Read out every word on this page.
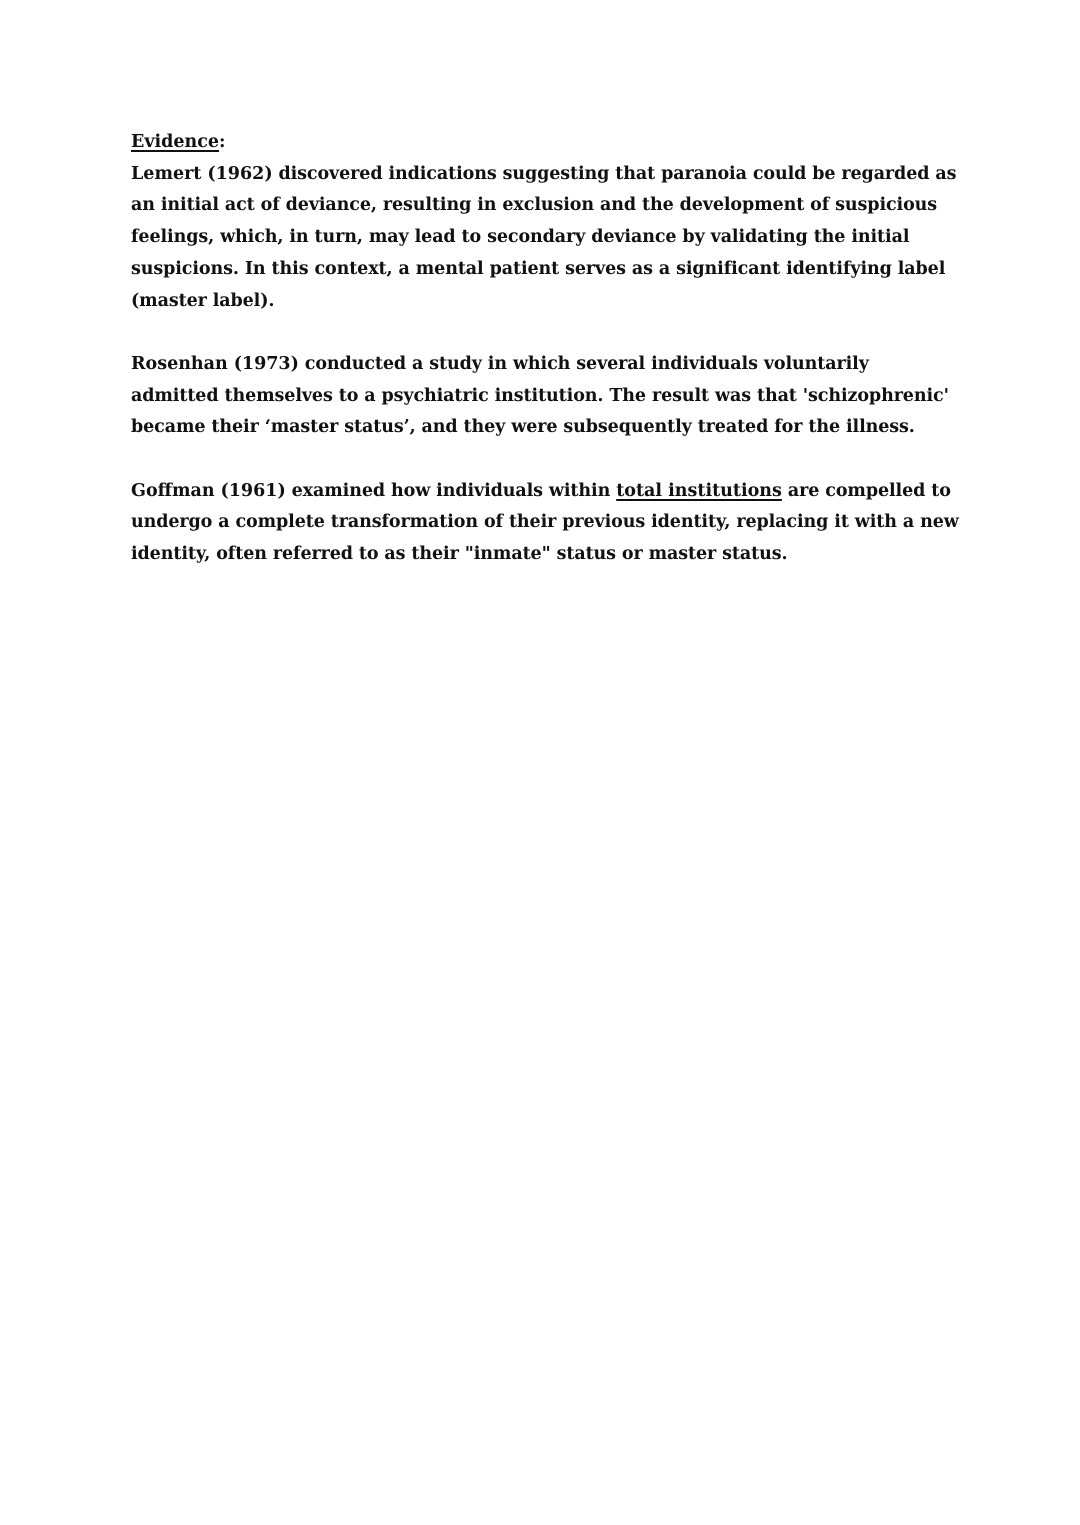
Evidence:

Lemert (1962) discovered indications suggesting that paranoia could be regarded as an initial act of deviance, resulting in exclusion and the development of suspicious feelings, which, in turn, may lead to secondary deviance by validating the initial suspicions. In this context, a mental patient serves as a significant identifying label (master label).

Rosenhan (1973) conducted a study in which several individuals voluntarily admitted themselves to a psychiatric institution. The result was that 'schizophrenic' became their ‘master status’, and they were subsequently treated for the illness.

Goffman (1961) examined how individuals within total institutions are compelled to undergo a complete transformation of their previous identity, replacing it with a new identity, often referred to as their "inmate" status or master status.
